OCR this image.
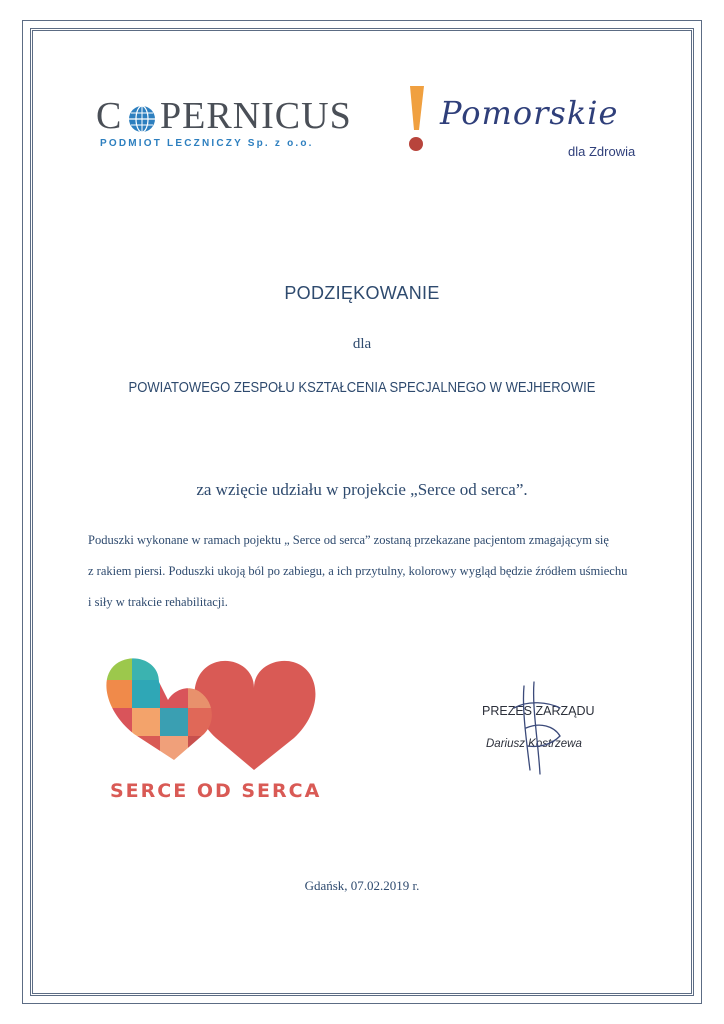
C PERNICUS
PODMIOT LECZNICZY Sp. z o.o.
Pomorskie
dla Zdrowia
PODZIĘKOWANIE
dla
POWIATOWEGO ZESPOŁU KSZTAŁCENIA SPECJALNEGO W WEJHEROWIE
za wzięcie udziału w projekcie „Serce od serca”.
Poduszki wykonane w ramach pojektu „ Serce od serca” zostaną przekazane pacjentom zmagającym się
z rakiem piersi. Poduszki ukoją ból po zabiegu, a ich przytulny, kolorowy wygląd będzie źródłem uśmiechu
i siły w trakcie rehabilitacji.
SERCE OD SERCA
PREZES ZARZĄDU
Dariusz Kostrzewa
Gdańsk, 07.02.2019 r.
